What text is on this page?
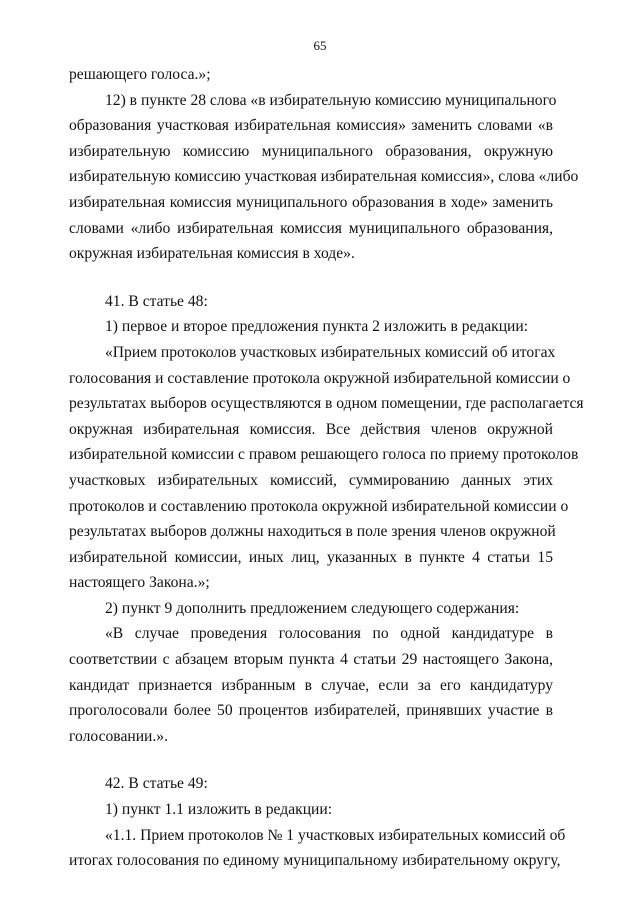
65
решающего голоса.»;
12) в пункте 28 слова «в избирательную комиссию муниципального
образования участковая избирательная комиссия» заменить словами «в
избирательную комиссию муниципального образования, окружную
избирательную комиссию участковая избирательная комиссия», слова «либо
избирательная комиссия муниципального образования в ходе» заменить
словами «либо избирательная комиссия муниципального образования,
окружная избирательная комиссия в ходе».
41. В статье 48:
1) первое и второе предложения пункта 2 изложить в редакции:
«Прием протоколов участковых избирательных комиссий об итогах
голосования и составление протокола окружной избирательной комиссии о
результатах выборов осуществляются в одном помещении, где располагается
окружная избирательная комиссия. Все действия членов окружной
избирательной комиссии с правом решающего голоса по приему протоколов
участковых избирательных комиссий, суммированию данных этих
протоколов и составлению протокола окружной избирательной комиссии о
результатах выборов должны находиться в поле зрения членов окружной
избирательной комиссии, иных лиц, указанных в пункте 4 статьи 15
настоящего Закона.»;
2) пункт 9 дополнить предложением следующего содержания:
«В случае проведения голосования по одной кандидатуре в
соответствии с абзацем вторым пункта 4 статьи 29 настоящего Закона,
кандидат признается избранным в случае, если за его кандидатуру
проголосовали более 50 процентов избирателей, принявших участие в
голосовании.».
42. В статье 49:
1) пункт 1.1 изложить в редакции:
«1.1. Прием протоколов № 1 участковых избирательных комиссий об
итогах голосования по единому муниципальному избирательному округу,
